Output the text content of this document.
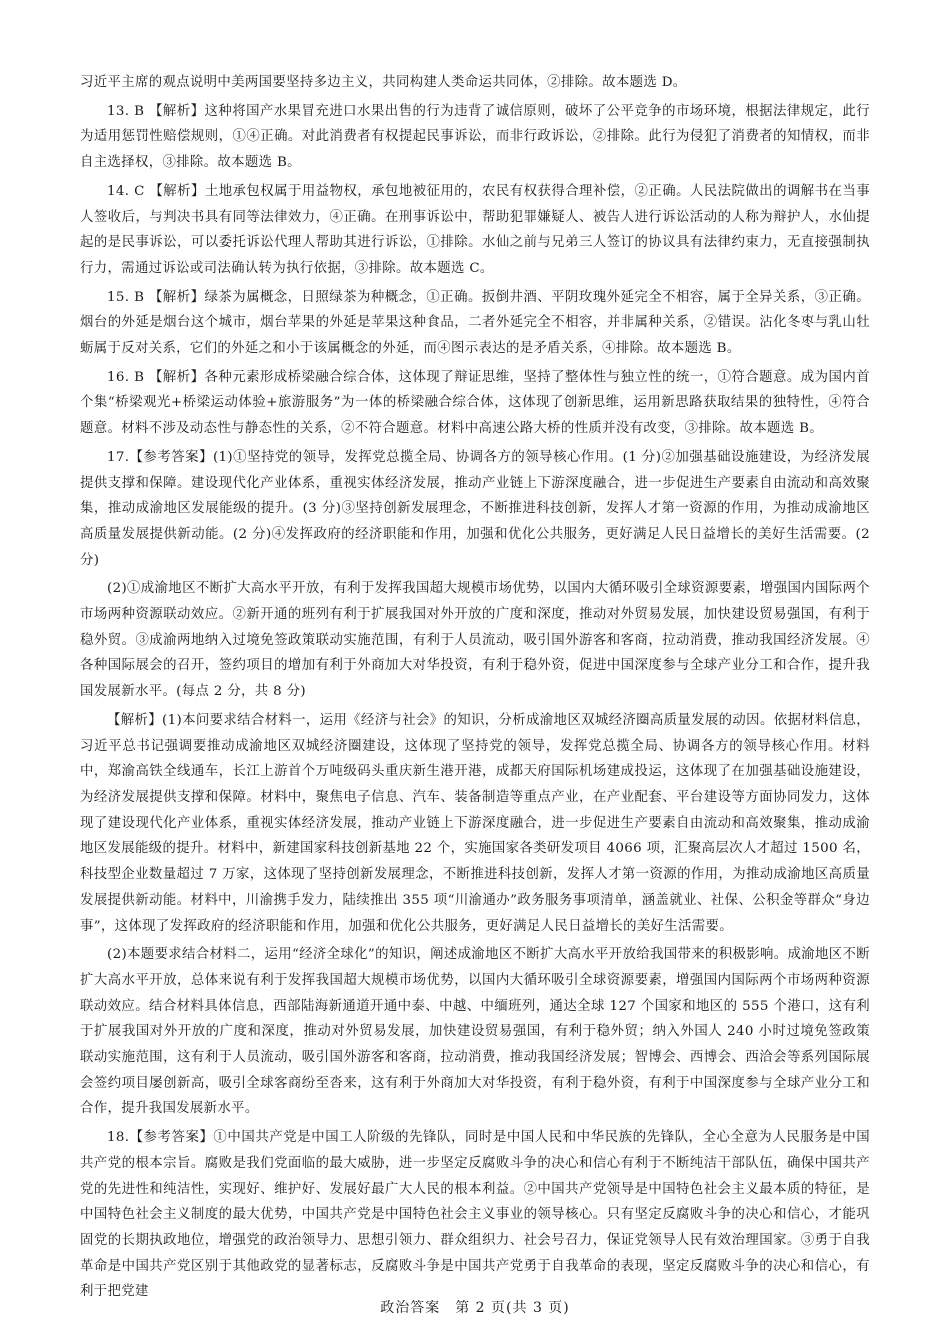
习近平主席的观点说明中美两国要坚持多边主义，共同构建人类命运共同体，②排除。故本题选 D。

13. B 【解析】这种将国产水果冒充进口水果出售的行为违背了诚信原则，破坏了公平竞争的市场环境，根据法律规定，此行为适用惩罚性赔偿规则，①④正确。对此消费者有权提起民事诉讼，而非行政诉讼，②排除。此行为侵犯了消费者的知情权，而非自主选择权，③排除。故本题选 B。

14. C 【解析】土地承包权属于用益物权，承包地被征用的，农民有权获得合理补偿，②正确。人民法院做出的调解书在当事人签收后，与判决书具有同等法律效力，④正确。在刑事诉讼中，帮助犯罪嫌疑人、被告人进行诉讼活动的人称为辩护人，水仙提起的是民事诉讼，可以委托诉讼代理人帮助其进行诉讼，①排除。水仙之前与兄弟三人签订的协议具有法律约束力，无直接强制执行力，需通过诉讼或司法确认转为执行依据，③排除。故本题选 C。

15. B 【解析】绿茶为属概念，日照绿茶为种概念，①正确。扳倒井酒、平阴玫瑰外延完全不相容，属于全异关系，③正确。烟台的外延是烟台这个城市，烟台苹果的外延是苹果这种食品，二者外延完全不相容，并非属种关系，②错误。沾化冬枣与乳山牡蛎属于反对关系，它们的外延之和小于该属概念的外延，而④图示表达的是矛盾关系，④排除。故本题选 B。

16. B 【解析】各种元素形成桥梁融合综合体，这体现了辩证思维，坚持了整体性与独立性的统一，①符合题意。成为国内首个集“桥梁观光+桥梁运动体验+旅游服务”为一体的桥梁融合综合体，这体现了创新思维，运用新思路获取结果的独特性，④符合题意。材料不涉及动态性与静态性的关系，②不符合题意。材料中高速公路大桥的性质并没有改变，③排除。故本题选 B。

17.【参考答案】(1)①坚持党的领导，发挥党总揽全局、协调各方的领导核心作用。(1 分)②加强基础设施建设，为经济发展提供支撑和保障。建设现代化产业体系，重视实体经济发展，推动产业链上下游深度融合，进一步促进生产要素自由流动和高效聚集，推动成渝地区发展能级的提升。(3 分)③坚持创新发展理念，不断推进科技创新，发挥人才第一资源的作用，为推动成渝地区高质量发展提供新动能。(2 分)④发挥政府的经济职能和作用，加强和优化公共服务，更好满足人民日益增长的美好生活需要。(2 分)

(2)①成渝地区不断扩大高水平开放，有利于发挥我国超大规模市场优势，以国内大循环吸引全球资源要素，增强国内国际两个市场两种资源联动效应。②新开通的班列有利于扩展我国对外开放的广度和深度，推动对外贸易发展，加快建设贸易强国，有利于稳外贸。③成渝两地纳入过境免签政策联动实施范围，有利于人员流动，吸引国外游客和客商，拉动消费，推动我国经济发展。④各种国际展会的召开，签约项目的增加有利于外商加大对华投资，有利于稳外资，促进中国深度参与全球产业分工和合作，提升我国发展新水平。(每点 2 分，共 8 分)

【解析】(1)本问要求结合材料一，运用《经济与社会》的知识，分析成渝地区双城经济圈高质量发展的动因。依据材料信息，习近平总书记强调要推动成渝地区双城经济圈建设，这体现了坚持党的领导，发挥党总揽全局、协调各方的领导核心作用。材料中，郑渝高铁全线通车，长江上游首个万吨级码头重庆新生港开港，成都天府国际机场建成投运，这体现了在加强基础设施建设，为经济发展提供支撑和保障。材料中，聚焦电子信息、汽车、装备制造等重点产业，在产业配套、平台建设等方面协同发力，这体现了建设现代化产业体系，重视实体经济发展，推动产业链上下游深度融合，进一步促进生产要素自由流动和高效聚集，推动成渝地区发展能级的提升。材料中，新建国家科技创新基地 22 个，实施国家各类研发项目 4066 项，汇聚高层次人才超过 1500 名，科技型企业数量超过 7 万家，这体现了坚持创新发展理念，不断推进科技创新，发挥人才第一资源的作用，为推动成渝地区高质量发展提供新动能。材料中，川渝携手发力，陆续推出 355 项“川渝通办”政务服务事项清单，涵盖就业、社保、公积金等群众“身边事”，这体现了发挥政府的经济职能和作用，加强和优化公共服务，更好满足人民日益增长的美好生活需要。

(2)本题要求结合材料二，运用“经济全球化”的知识，阐述成渝地区不断扩大高水平开放给我国带来的积极影响。成渝地区不断扩大高水平开放，总体来说有利于发挥我国超大规模市场优势，以国内大循环吸引全球资源要素，增强国内国际两个市场两种资源联动效应。结合材料具体信息，西部陆海新通道开通中泰、中越、中缅班列，通达全球 127 个国家和地区的 555 个港口，这有利于扩展我国对外开放的广度和深度，推动对外贸易发展，加快建设贸易强国，有利于稳外贸；纳入外国人 240 小时过境免签政策联动实施范围，这有利于人员流动，吸引国外游客和客商，拉动消费，推动我国经济发展；智博会、西博会、西洽会等系列国际展会签约项目屡创新高，吸引全球客商纷至沓来，这有利于外商加大对华投资，有利于稳外资，有利于中国深度参与全球产业分工和合作，提升我国发展新水平。

18.【参考答案】①中国共产党是中国工人阶级的先锋队，同时是中国人民和中华民族的先锋队，全心全意为人民服务是中国共产党的根本宗旨。腐败是我们党面临的最大威胁，进一步坚定反腐败斗争的决心和信心有利于不断纯洁干部队伍，确保中国共产党的先进性和纯洁性，实现好、维护好、发展好最广大人民的根本利益。②中国共产党领导是中国特色社会主义最本质的特征，是中国特色社会主义制度的最大优势，中国共产党是中国特色社会主义事业的领导核心。只有坚定反腐败斗争的决心和信心，才能巩固党的长期执政地位，增强党的政治领导力、思想引领力、群众组织力、社会号召力，保证党领导人民有效治理国家。③勇于自我革命是中国共产党区别于其他政党的显著标志，反腐败斗争是中国共产党勇于自我革命的表现，坚定反腐败斗争的决心和信心，有利于把党建

政治答案　第 2 页(共 3 页)
